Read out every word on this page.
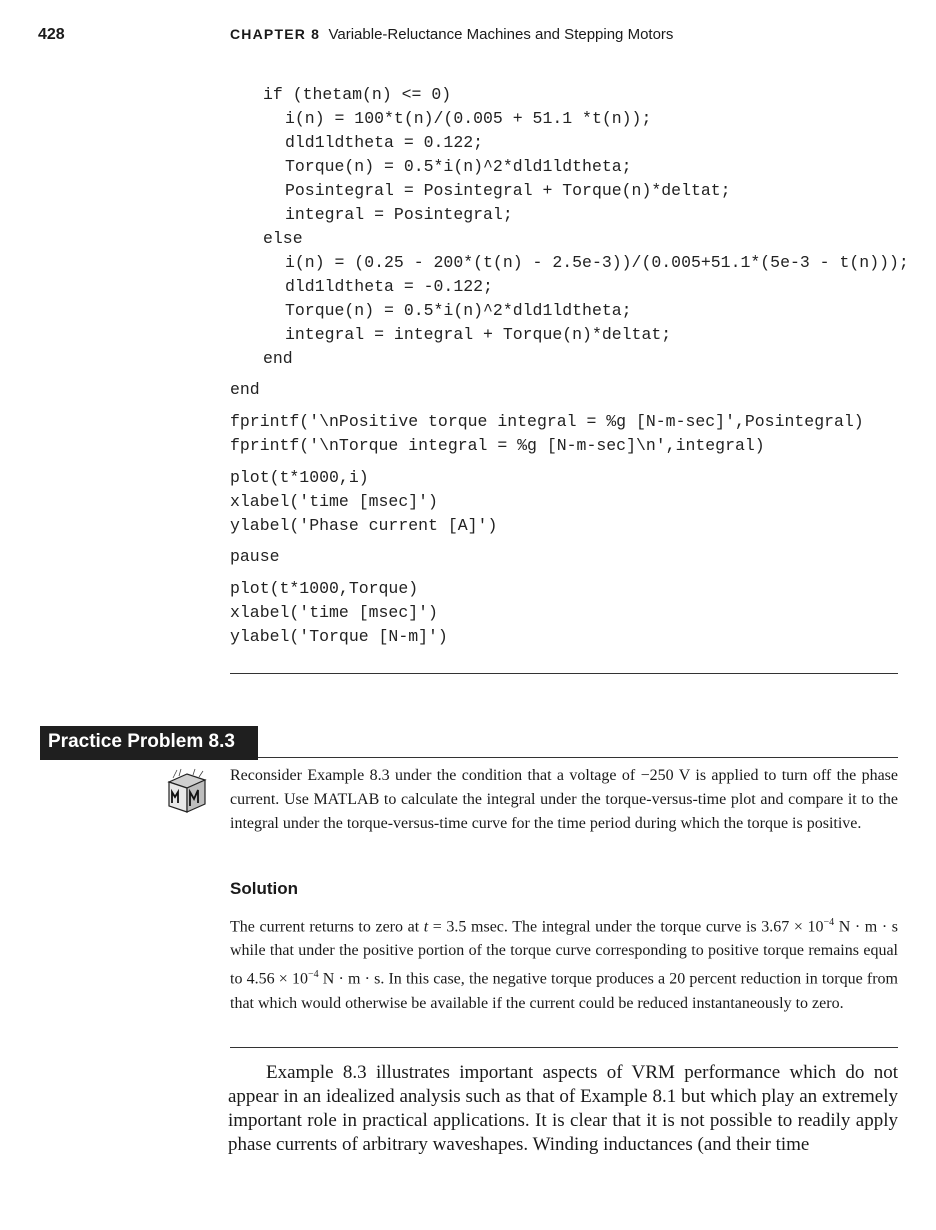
428	CHAPTER 8 Variable-Reluctance Machines and Stepping Motors
if (thetam(n) <= 0)
i(n) = 100*t(n)/(0.005 + 51.1 *t(n));
dld1ldtheta = 0.122;
Torque(n) = 0.5*i(n)^2*dld1ldtheta;
Posintegral = Posintegral + Torque(n)*deltat;
integral = Posintegral;
else
i(n) = (0.25 - 200*(t(n) - 2.5e-3))/(0.005+51.1*(5e-3 - t(n)));
dld1ldtheta = -0.122;
Torque(n) = 0.5*i(n)^2*dld1ldtheta;
integral = integral + Torque(n)*deltat;
end
end
fprintf('\nPositive torque integral = %g [N-m-sec]',Posintegral)
fprintf('\nTorque integral = %g [N-m-sec]\n',integral)
plot(t*1000,i)
xlabel('time [msec]')
ylabel('Phase current [A]')
pause
plot(t*1000,Torque)
xlabel('time [msec]')
ylabel('Torque [N-m]')
Practice Problem 8.3
Reconsider Example 8.3 under the condition that a voltage of −250 V is applied to turn off the phase current. Use MATLAB to calculate the integral under the torque-versus-time plot and compare it to the integral under the torque-versus-time curve for the time period during which the torque is positive.
Solution
The current returns to zero at t = 3.5 msec. The integral under the torque curve is $3.67 \times 10^{-4}$ N · m · s while that under the positive portion of the torque curve corresponding to positive torque remains equal to $4.56 \times 10^{-4}$ N · m · s. In this case, the negative torque produces a 20 percent reduction in torque from that which would otherwise be available if the current could be reduced instantaneously to zero.
Example 8.3 illustrates important aspects of VRM performance which do not appear in an idealized analysis such as that of Example 8.1 but which play an extremely important role in practical applications. It is clear that it is not possible to readily apply phase currents of arbitrary waveshapes. Winding inductances (and their time
